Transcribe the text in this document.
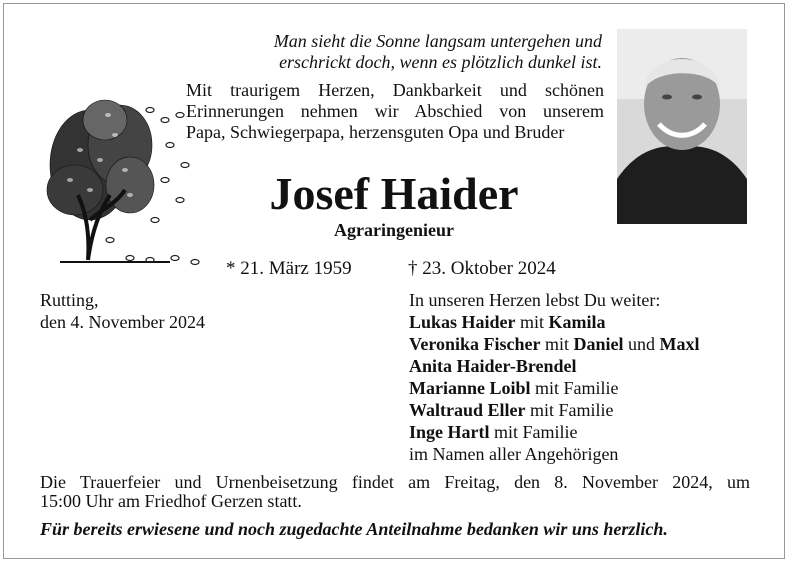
Man sieht die Sonne langsam untergehen und
erschrickt doch, wenn es plötzlich dunkel ist.
Mit traurigem Herzen, Dankbarkeit und schönen
Erinnerungen nehmen wir Abschied von unserem
Papa, Schwiegerpapa, herzensguten Opa und Bruder
Josef Haider
Agraringenieur
* 21. März 1959	† 23. Oktober 2024
Rutting,
den 4. November 2024
In unseren Herzen lebst Du weiter:
Lukas Haider mit Kamila
Veronika Fischer mit Daniel und Maxl
Anita Haider-Brendel
Marianne Loibl mit Familie
Waltraud Eller mit Familie
Inge Hartl mit Familie
im Namen aller Angehörigen
Die Trauerfeier und Urnenbeisetzung findet am Freitag, den 8. November 2024, um
15:00 Uhr am Friedhof Gerzen statt.
Für bereits erwiesene und noch zugedachte Anteilnahme bedanken wir uns herzlich.
